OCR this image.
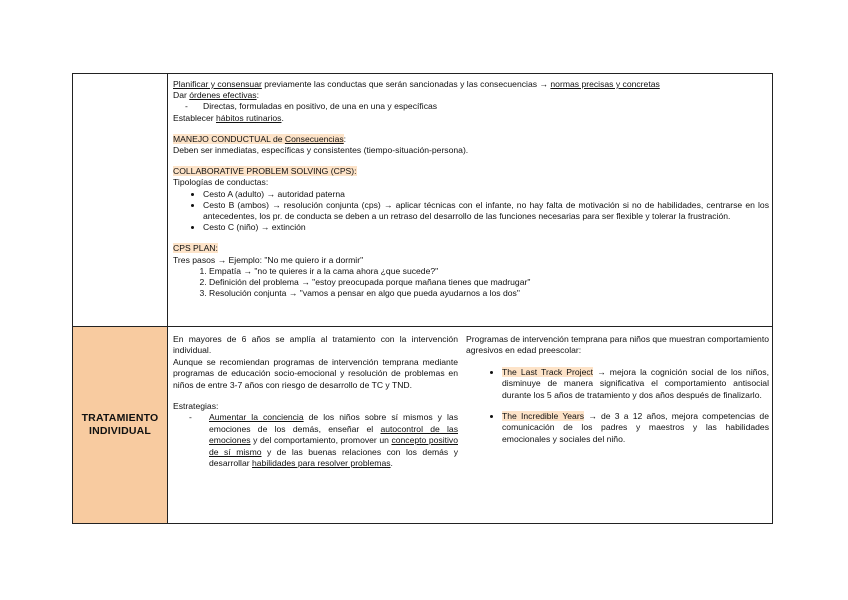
Planificar y consensuar previamente las conductas que serán sancionadas y las consecuencias → normas precisas y concretas

Dar órdenes efectivas:

- Directas, formuladas en positivo, de una en una y específicas

Establecer hábitos rutinarios.

MANEJO CONDUCTUAL de Consecuencias:

Deben ser inmediatas, específicas y consistentes (tiempo-situación-persona).

COLLABORATIVE PROBLEM SOLVING (CPS):

Tipologías de conductas:

• Cesto A (adulto) → autoridad paterna
• Cesto B (ambos) → resolución conjunta (cps) → aplicar técnicas con el infante, no hay falta de motivación si no de habilidades, centrarse en los antecedentes, los pr. de conducta se deben a un retraso del desarrollo de las funciones necesarias para ser flexible y tolerar la frustración.
• Cesto C (niño) → extinción

CPS PLAN:

Tres pasos → Ejemplo: "No me quiero ir a dormir"

1. Empatía → "no te quieres ir a la cama ahora ¿que sucede?"
2. Definición del problema → "estoy preocupada porque mañana tienes que madrugar"
3. Resolución conjunta → "vamos a pensar en algo que pueda ayudarnos a los dos"
TRATAMIENTO INDIVIDUAL

En mayores de 6 años se amplía al tratamiento con la intervención individual.

Aunque se recomiendan programas de intervención temprana mediante programas de educación socio-emocional y resolución de problemas en niños de entre 3-7 años con riesgo de desarrollo de TC y TND.

Estrategias:

- Aumentar la conciencia de los niños sobre sí mismos y las emociones de los demás, enseñar el autocontrol de las emociones y del comportamiento, promover un concepto positivo de sí mismo y de las buenas relaciones con los demás y desarrollar habilidades para resolver problemas.

Programas de intervención temprana para niños que muestran comportamiento agresivos en edad preescolar:

• The Last Track Project → mejora la cognición social de los niños, disminuye de manera significativa el comportamiento antisocial durante los 5 años de tratamiento y dos años después de finalizarlo.
• The Incredible Years → de 3 a 12 años, mejora competencias de comunicación de los padres y maestros y las habilidades emocionales y sociales del niño.
